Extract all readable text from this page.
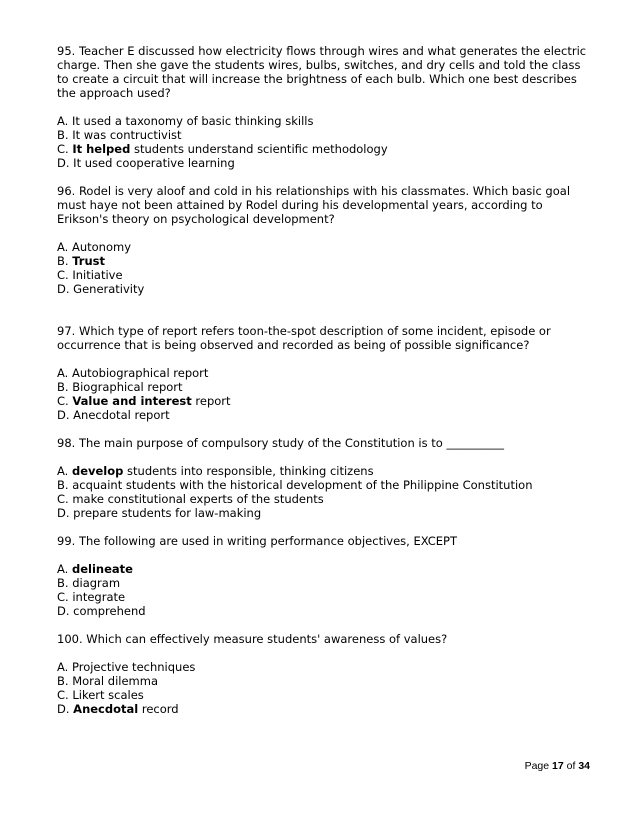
95. Teacher E discussed how electricity flows through wires and what generates the electric charge. Then she gave the students wires, bulbs, switches, and dry cells and told the class to create a circuit that will increase the brightness of each bulb. Which one best describes the approach used?
A. It used a taxonomy of basic thinking skills
B. It was contructivist
C. It helped students understand scientific methodology
D. It used cooperative learning
96. Rodel is very aloof and cold in his relationships with his classmates. Which basic goal must haye not been attained by Rodel during his developmental years, according to Erikson's theory on psychological development?
A. Autonomy
B. Trust
C. Initiative
D. Generativity
97. Which type of report refers toon-the-spot description of some incident, episode or occurrence that is being observed and recorded as being of possible significance?
A. Autobiographical report
B. Biographical report
C. Value and interest report
D. Anecdotal report
98. The main purpose of compulsory study of the Constitution is to __________
A. develop students into responsible, thinking citizens
B. acquaint students with the historical development of the Philippine Constitution
C. make constitutional experts of the students
D. prepare students for law-making
99. The following are used in writing performance objectives, EXCEPT
A. delineate
B. diagram
C. integrate
D. comprehend
100. Which can effectively measure students' awareness of values?
A. Projective techniques
B. Moral dilemma
C. Likert scales
D. Anecdotal record
Page 17 of 34
